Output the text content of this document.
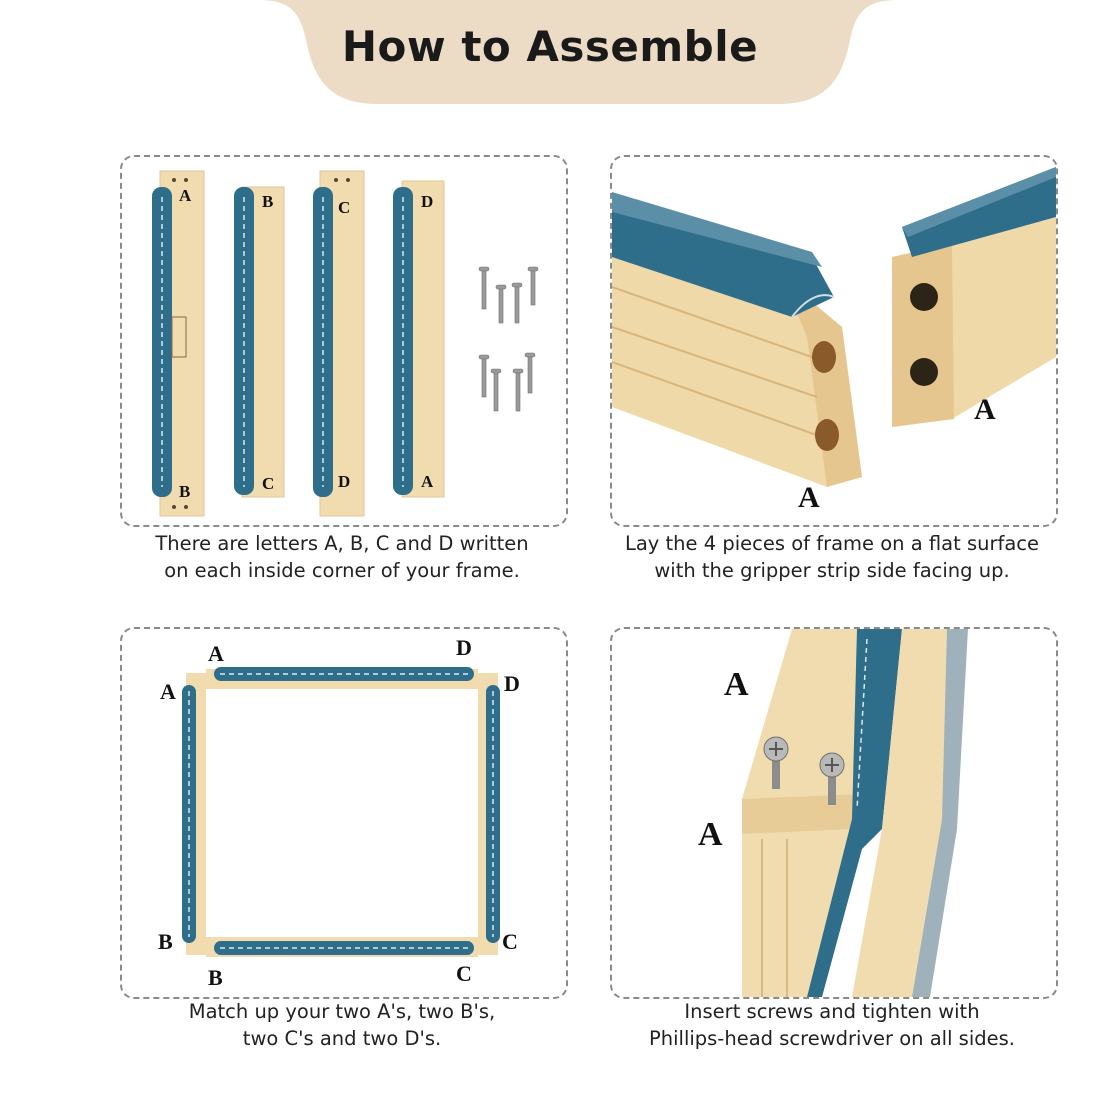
How to Assemble
A
B
B
C
C
D
D
A
There are letters A, B, C and D written
on each inside corner of your frame.
A
A
Lay the 4 pieces of frame on a flat surface
with the gripper strip side facing up.
A	D
A	D
B	C
B	C
Match up your two A's, two B's,
two C's and two D's.
A
A
Insert screws and tighten with
Phillips-head screwdriver on all sides.
